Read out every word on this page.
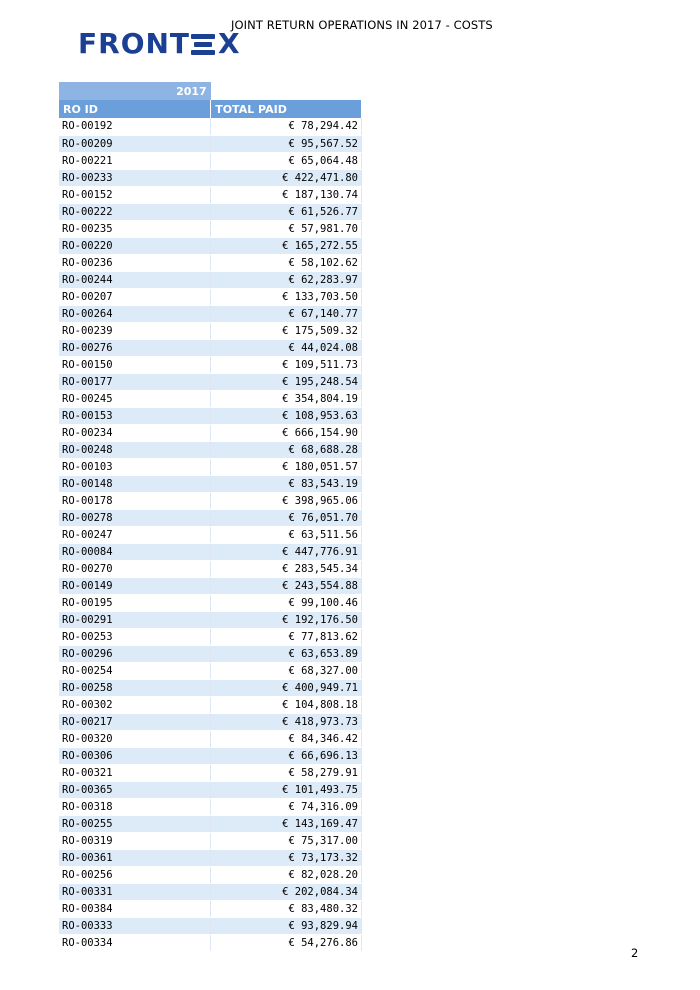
JOINT RETURN OPERATIONS IN 2017 - COSTS
FRONT X
2017	
RO ID	TOTAL PAID
RO-00192	€ 78,294.42
RO-00209	€ 95,567.52
RO-00221	€ 65,064.48
RO-00233	€ 422,471.80
RO-00152	€ 187,130.74
RO-00222	€ 61,526.77
RO-00235	€ 57,981.70
RO-00220	€ 165,272.55
RO-00236	€ 58,102.62
RO-00244	€ 62,283.97
RO-00207	€ 133,703.50
RO-00264	€ 67,140.77
RO-00239	€ 175,509.32
RO-00276	€ 44,024.08
RO-00150	€ 109,511.73
RO-00177	€ 195,248.54
RO-00245	€ 354,804.19
RO-00153	€ 108,953.63
RO-00234	€ 666,154.90
RO-00248	€ 68,688.28
RO-00103	€ 180,051.57
RO-00148	€ 83,543.19
RO-00178	€ 398,965.06
RO-00278	€ 76,051.70
RO-00247	€ 63,511.56
RO-00084	€ 447,776.91
RO-00270	€ 283,545.34
RO-00149	€ 243,554.88
RO-00195	€ 99,100.46
RO-00291	€ 192,176.50
RO-00253	€ 77,813.62
RO-00296	€ 63,653.89
RO-00254	€ 68,327.00
RO-00258	€ 400,949.71
RO-00302	€ 104,808.18
RO-00217	€ 418,973.73
RO-00320	€ 84,346.42
RO-00306	€ 66,696.13
RO-00321	€ 58,279.91
RO-00365	€ 101,493.75
RO-00318	€ 74,316.09
RO-00255	€ 143,169.47
RO-00319	€ 75,317.00
RO-00361	€ 73,173.32
RO-00256	€ 82,028.20
RO-00331	€ 202,084.34
RO-00384	€ 83,480.32
RO-00333	€ 93,829.94
RO-00334	€ 54,276.86
2
